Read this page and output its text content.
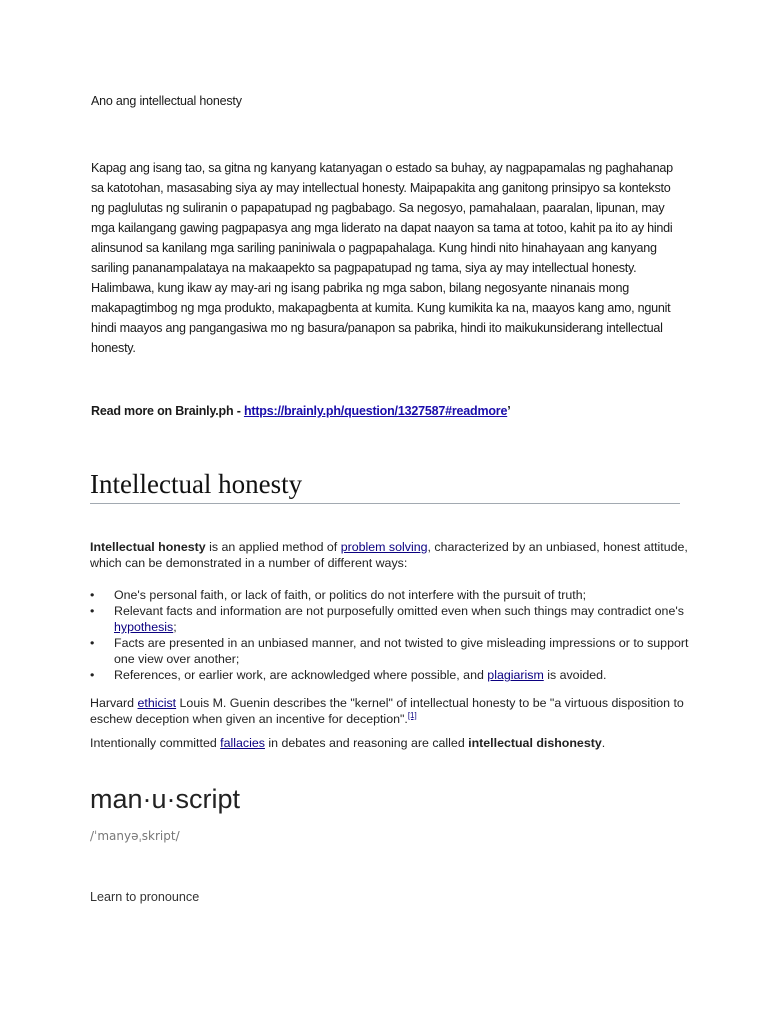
Ano ang intellectual honesty
Kapag ang isang tao, sa gitna ng kanyang katanyagan o estado sa buhay, ay nagpapamalas ng paghahanap sa katotohan, masasabing siya ay may intellectual honesty. Maipapakita ang ganitong prinsipyo sa konteksto ng paglulutas ng suliranin o papapatupad ng pagbabago. Sa negosyo, pamahalaan, paaralan, lipunan, may mga kailangang gawing pagpapasya ang mga liderato na dapat naayon sa tama at totoo, kahit pa ito ay hindi alinsunod sa kanilang mga sariling paniniwala o pagpapahalaga. Kung hindi nito hinahayaan ang kanyang sariling pananampalataya na makaapekto sa pagpapatupad ng tama, siya ay may intellectual honesty. Halimbawa, kung ikaw ay may-ari ng isang pabrika ng mga sabon, bilang negosyante ninanais mong makapagtimbog ng mga produkto, makapagbenta at kumita. Kung kumikita ka na, maayos kang amo, ngunit hindi maayos ang pangangasiwa mo ng basura/panapon sa pabrika, hindi ito maikukunsiderang intellectual honesty.
Read more on Brainly.ph - https://brainly.ph/question/1327587#readmore’
Intellectual honesty
Intellectual honesty is an applied method of problem solving, characterized by an unbiased, honest attitude, which can be demonstrated in a number of different ways:
• One's personal faith, or lack of faith, or politics do not interfere with the pursuit of truth;
• Relevant facts and information are not purposefully omitted even when such things may contradict one's hypothesis;
• Facts are presented in an unbiased manner, and not twisted to give misleading impressions or to support one view over another;
• References, or earlier work, are acknowledged where possible, and plagiarism is avoided.
Harvard ethicist Louis M. Guenin describes the "kernel" of intellectual honesty to be "a virtuous disposition to eschew deception when given an incentive for deception".[1]
Intentionally committed fallacies in debates and reasoning are called intellectual dishonesty.
man·u·script
/ˈmanyəˌskript/
Learn to pronounce
